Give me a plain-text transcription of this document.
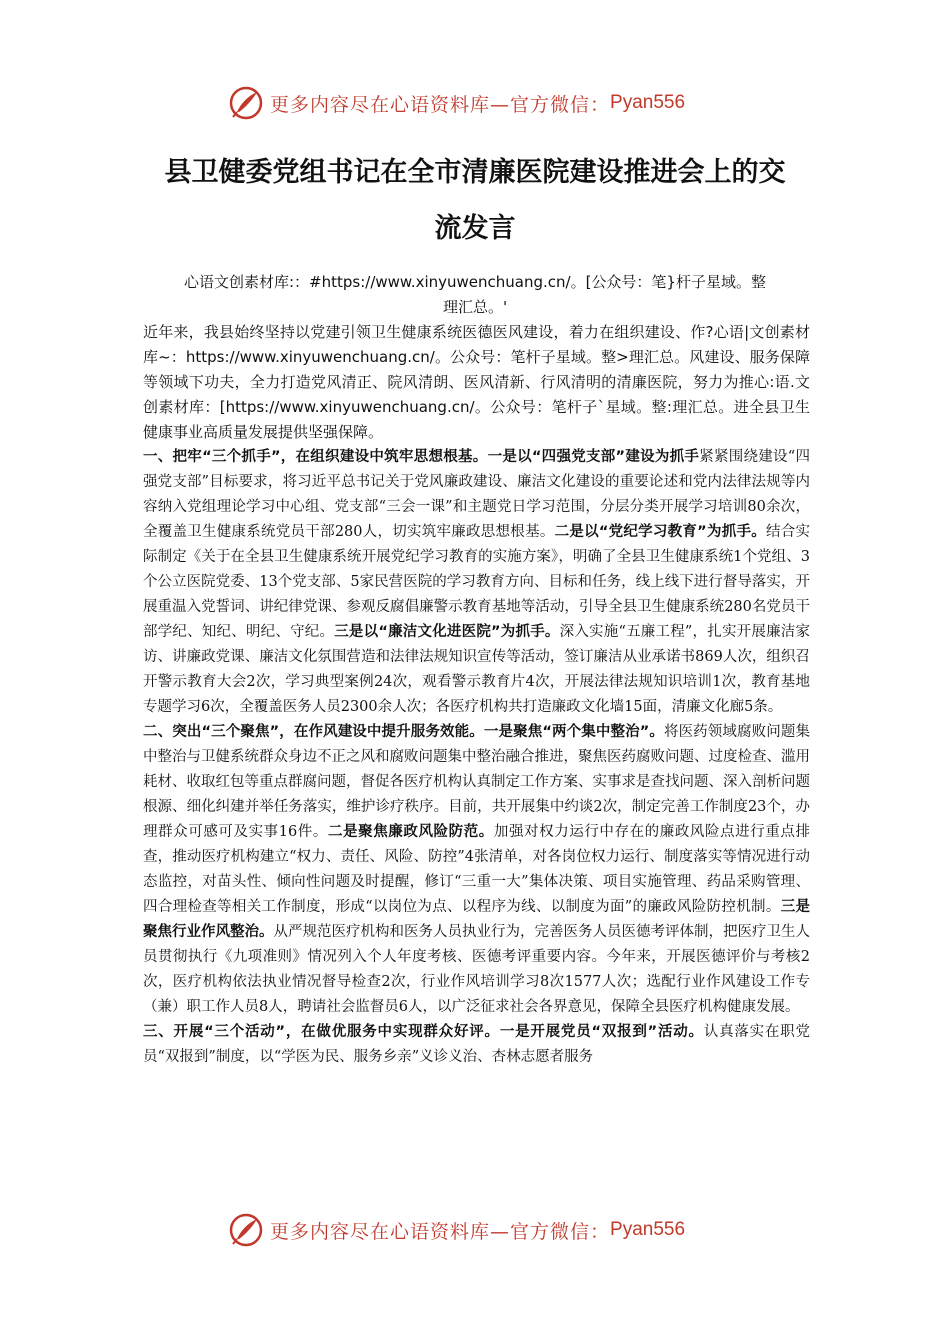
更多内容尽在心语资料库—官方微信： Pyan556
县卫健委党组书记在全市清廉医院建设推进会上的交
流发言
心语文创素材库:：#https://www.xinyuwenchuang.cn/。[公众号：笔}杆子星域。整
理汇总。'
近年来，我县始终坚持以党建引领卫生健康系统医德医风建设，着力在组织建设、作?心语|文创素材库~：https://www.xinyuwenchuang.cn/。公众号：笔杆子星域。整>理汇总。风建设、服务保障等领域下功夫，全力打造党风清正、院风清朗、医风清新、行风清明的清廉医院，努力为推心:语.文创素材库：[https://www.xinyuwenchuang.cn/。公众号：笔杆子`星域。整:理汇总。进全县卫生健康事业高质量发展提供坚强保障。

一、把牢“三个抓手”，在组织建设中筑牢思想根基。一是以“四强党支部”建设为抓手紧紧围绕建设“四强党支部”目标要求，将习近平总书记关于党风廉政建设、廉洁文化建设的重要论述和党内法律法规等内容纳入党组理论学习中心组、党支部“三会一课”和主题党日学习范围，分层分类开展学习培训80余次，全覆盖卫生健康系统党员干部280人，切实筑牢廉政思想根基。二是以“党纪学习教育”为抓手。结合实际制定《关于在全县卫生健康系统开展党纪学习教育的实施方案》，明确了全县卫生健康系统1个党组、3个公立医院党委、13个党支部、5家民营医院的学习教育方向、目标和任务，线上线下进行督导落实，开展重温入党誓词、讲纪律党课、参观反腐倡廉警示教育基地等活动，引导全县卫生健康系统280名党员干部学纪、知纪、明纪、守纪。三是以“廉洁文化进医院”为抓手。深入实施“五廉工程”，扎实开展廉洁家访、讲廉政党课、廉洁文化氛围营造和法律法规知识宣传等活动，签订廉洁从业承诺书869人次，组织召开警示教育大会2次，学习典型案例24次，观看警示教育片4次，开展法律法规知识培训1次，教育基地专题学习6次，全覆盖医务人员2300余人次；各医疗机构共打造廉政文化墙15面，清廉文化廊5条。

二、突出“三个聚焦”，在作风建设中提升服务效能。一是聚焦“两个集中整治”。将医药领域腐败问题集中整治与卫健系统群众身边不正之风和腐败问题集中整治融合推进，聚焦医药腐败问题、过度检查、滥用耗材、收取红包等重点群腐问题，督促各医疗机构认真制定工作方案、实事求是查找问题、深入剖析问题根源、细化纠建并举任务落实，维护诊疗秩序。目前，共开展集中约谈2次，制定完善工作制度23个，办理群众可感可及实事16件。二是聚焦廉政风险防范。加强对权力运行中存在的廉政风险点进行重点排查，推动医疗机构建立“权力、责任、风险、防控”4张清单，对各岗位权力运行、制度落实等情况进行动态监控，对苗头性、倾向性问题及时提醒，修订“三重一大”集体决策、项目实施管理、药品采购管理、四合理检查等相关工作制度，形成“以岗位为点、以程序为线、以制度为面”的廉政风险防控机制。三是聚焦行业作风整治。从严规范医疗机构和医务人员执业行为，完善医务人员医德考评体制，把医疗卫生人员贯彻执行《九项准则》情况列入个人年度考核、医德考评重要内容。今年来，开展医德评价与考核2次，医疗机构依法执业情况督导检查2次，行业作风培训学习8次1577人次；选配行业作风建设工作专（兼）职工作人员8人，聘请社会监督员6人，以广泛征求社会各界意见，保障全县医疗机构健康发展。

三、开展“三个活动”，在做优服务中实现群众好评。一是开展党员“双报到”活动。认真落实在职党员“双报到”制度，以“学医为民、服务乡亲”义诊义治、杏林志愿者服务

更多内容尽在心语资料库—官方微信： Pyan556
